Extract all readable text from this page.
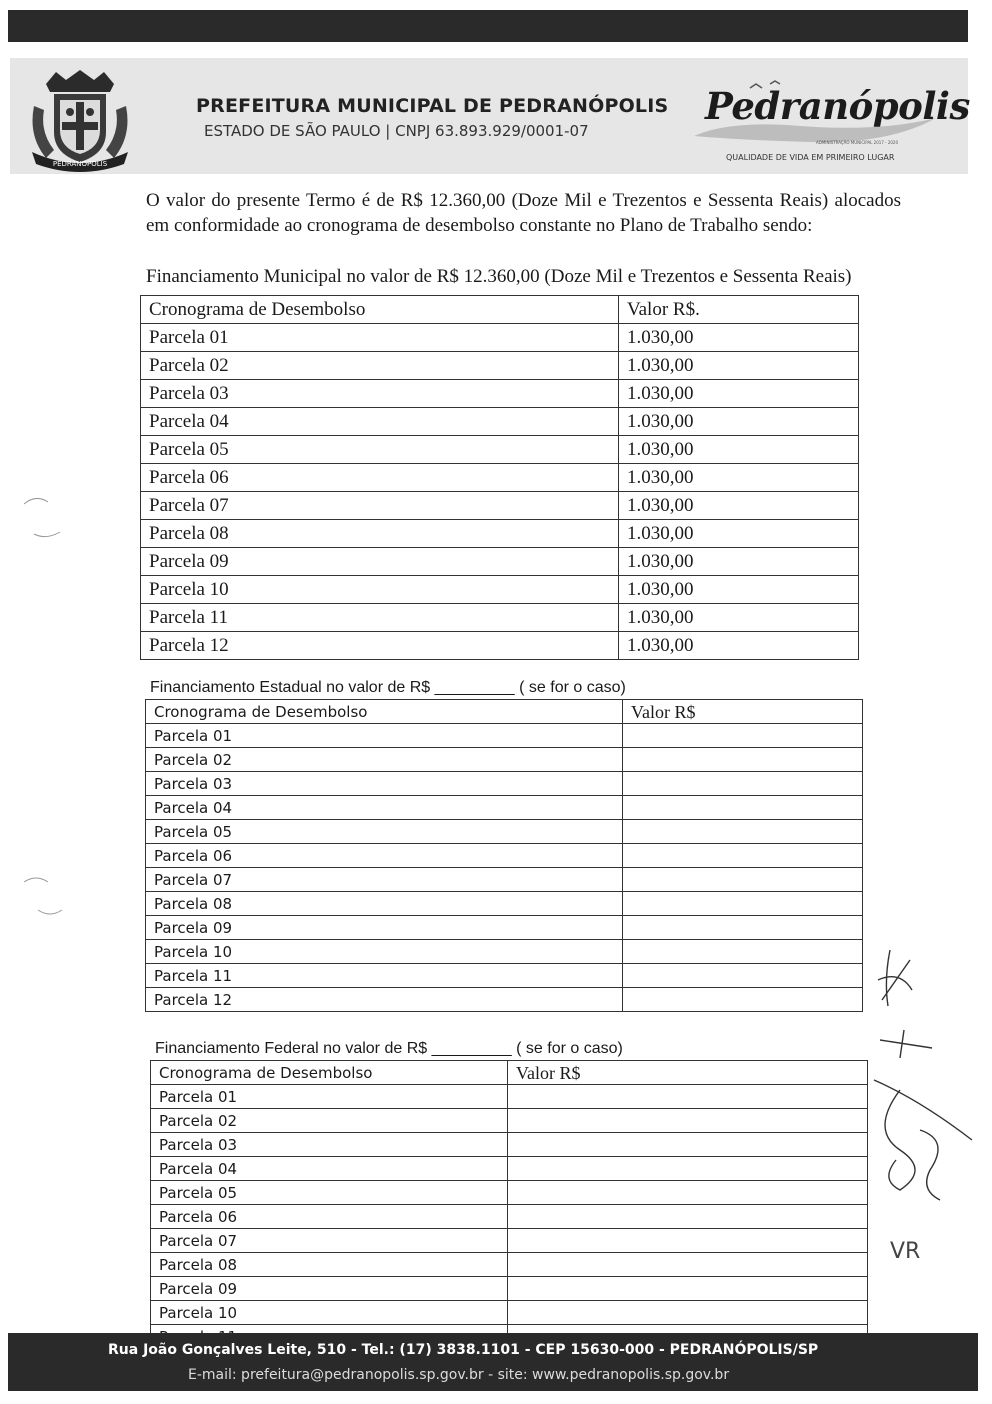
PEDRANOPOLIS
PREFEITURA MUNICIPAL DE PEDRANÓPOLIS
ESTADO DE SÃO PAULO | CNPJ 63.893.929/0001-07
Pedranópolis
ADMINISTRAÇÃO MUNICIPAL 2017 - 2020
QUALIDADE DE VIDA EM PRIMEIRO LUGAR
O valor do presente Termo é de R$ 12.360,00 (Doze Mil e Trezentos e Sessenta Reais) alocados em conformidade ao cronograma de desembolso constante no Plano de Trabalho sendo:
Financiamento Municipal no valor de R$ 12.360,00 (Doze Mil e Trezentos e Sessenta Reais)
Cronograma de Desembolso	Valor R$.
Parcela 01	1.030,00
Parcela 02	1.030,00
Parcela 03	1.030,00
Parcela 04	1.030,00
Parcela 05	1.030,00
Parcela 06	1.030,00
Parcela 07	1.030,00
Parcela 08	1.030,00
Parcela 09	1.030,00
Parcela 10	1.030,00
Parcela 11	1.030,00
Parcela 12	1.030,00
Financiamento Estadual no valor de R$ _________ ( se for o caso)
Cronograma de Desembolso	Valor R$
Parcela 01	
Parcela 02	
Parcela 03	
Parcela 04	
Parcela 05	
Parcela 06	
Parcela 07	
Parcela 08	
Parcela 09	
Parcela 10	
Parcela 11	
Parcela 12	
Financiamento Federal no valor de R$ _________ ( se for o caso)
Cronograma de Desembolso	Valor R$
Parcela 01	
Parcela 02	
Parcela 03	
Parcela 04	
Parcela 05	
Parcela 06	
Parcela 07	
Parcela 08	
Parcela 09	
Parcela 10	

VR
Rua João Gonçalves Leite, 510 - Tel.: (17) 3838.1101 - CEP 15630-000 - PEDRANÓPOLIS/SP
E-mail: prefeitura@pedranopolis.sp.gov.br - site: www.pedranopolis.sp.gov.br
